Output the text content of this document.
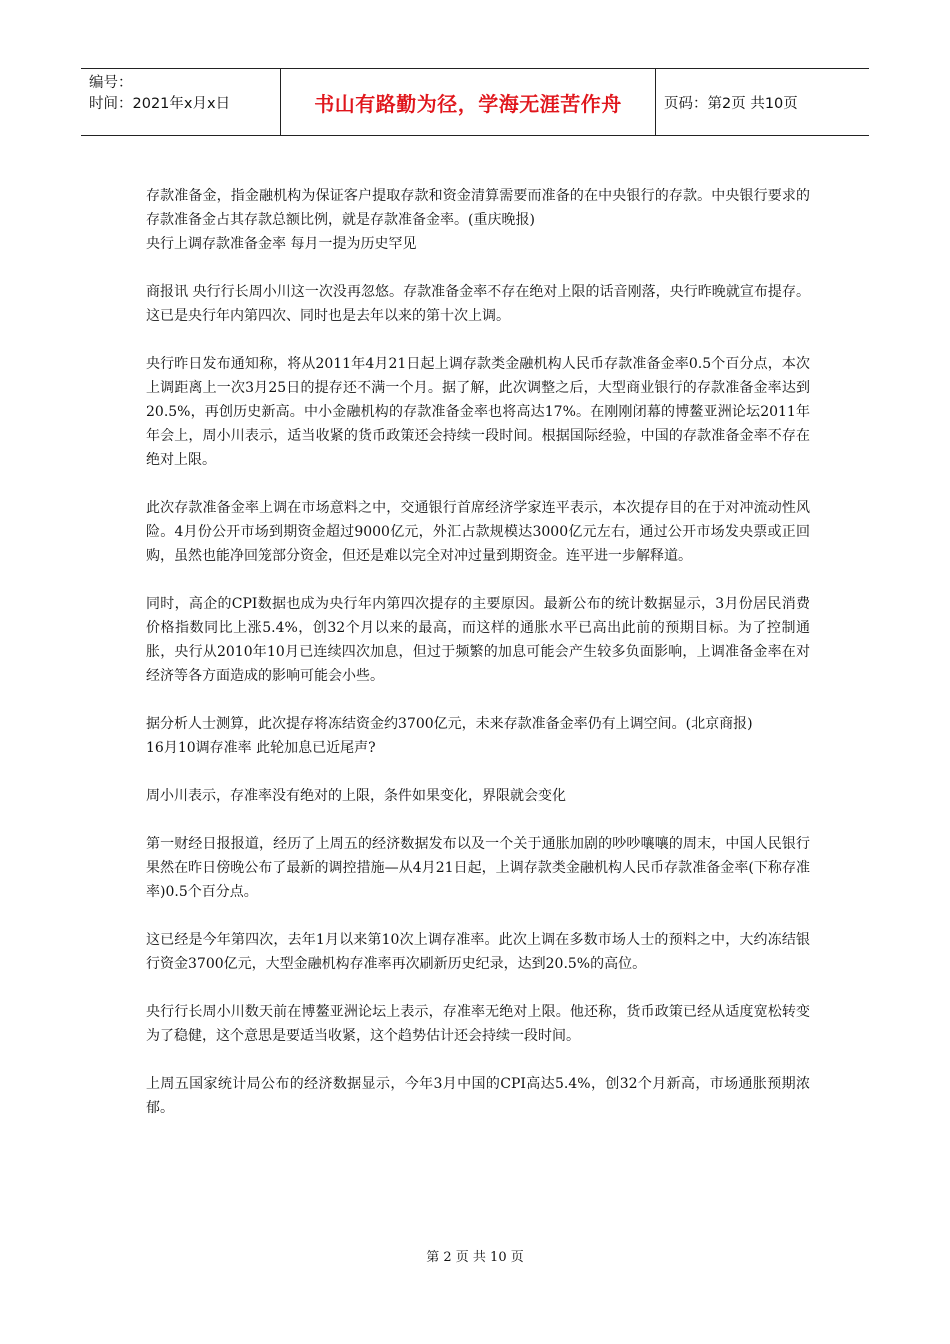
编号：
时间：2021年x月x日	书山有路勤为径，学海无涯苦作舟	页码：第2页 共10页

存款准备金，指金融机构为保证客户提取存款和资金清算需要而准备的在中央银行的存款。中央银行要求的存款准备金占其存款总额比例，就是存款准备金率。(重庆晚报)

央行上调存款准备金率 每月一提为历史罕见

商报讯 央行行长周小川这一次没再忽悠。存款准备金率不存在绝对上限的话音刚落，央行昨晚就宣布提存。这已是央行年内第四次、同时也是去年以来的第十次上调。

央行昨日发布通知称，将从2011年4月21日起上调存款类金融机构人民币存款准备金率0.5个百分点，本次上调距离上一次3月25日的提存还不满一个月。据了解，此次调整之后，大型商业银行的存款准备金率达到20.5%，再创历史新高。中小金融机构的存款准备金率也将高达17%。在刚刚闭幕的博鳌亚洲论坛2011年年会上，周小川表示，适当收紧的货币政策还会持续一段时间。根据国际经验，中国的存款准备金率不存在绝对上限。

此次存款准备金率上调在市场意料之中，交通银行首席经济学家连平表示，本次提存目的在于对冲流动性风险。4月份公开市场到期资金超过9000亿元，外汇占款规模达3000亿元左右，通过公开市场发央票或正回购，虽然也能净回笼部分资金，但还是难以完全对冲过量到期资金。连平进一步解释道。

同时，高企的CPI数据也成为央行年内第四次提存的主要原因。最新公布的统计数据显示，3月份居民消费价格指数同比上涨5.4%，创32个月以来的最高，而这样的通胀水平已高出此前的预期目标。为了控制通胀，央行从2010年10月已连续四次加息，但过于频繁的加息可能会产生较多负面影响，上调准备金率在对经济等各方面造成的影响可能会小些。

据分析人士测算，此次提存将冻结资金约3700亿元，未来存款准备金率仍有上调空间。(北京商报)

16月10调存准率 此轮加息已近尾声?

周小川表示，存准率没有绝对的上限，条件如果变化，界限就会变化

第一财经日报报道，经历了上周五的经济数据发布以及一个关于通胀加剧的吵吵嚷嚷的周末，中国人民银行果然在昨日傍晚公布了最新的调控措施—从4月21日起，上调存款类金融机构人民币存款准备金率(下称存准率)0.5个百分点。

这已经是今年第四次，去年1月以来第10次上调存准率。此次上调在多数市场人士的预料之中，大约冻结银行资金3700亿元，大型金融机构存准率再次刷新历史纪录，达到20.5%的高位。

央行行长周小川数天前在博鳌亚洲论坛上表示，存准率无绝对上限。他还称，货币政策已经从适度宽松转变为了稳健，这个意思是要适当收紧，这个趋势估计还会持续一段时间。

上周五国家统计局公布的经济数据显示，今年3月中国的CPI高达5.4%，创32个月新高，市场通胀预期浓郁。

第 2 页 共 10 页
